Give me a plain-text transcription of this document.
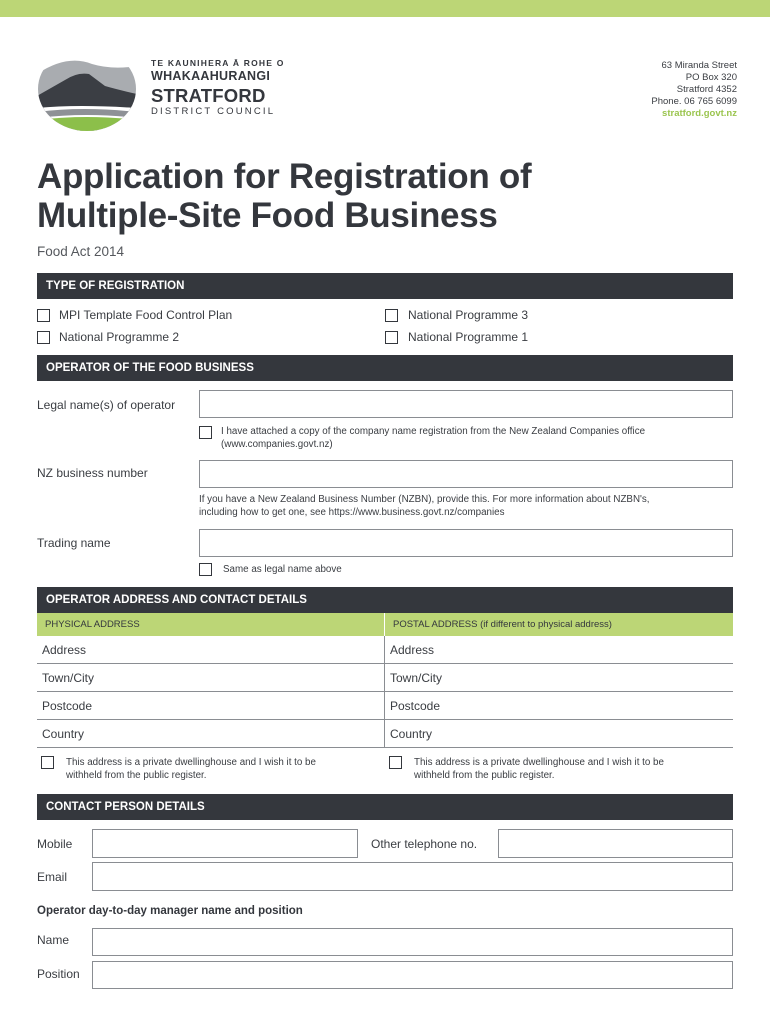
TE KAUNIHERA Ā ROHE O
WHAKAAHURANGI
STRATFORD
DISTRICT COUNCIL
63 Miranda Street
PO Box 320
Stratford 4352
Phone. 06 765 6099
stratford.govt.nz
Application for Registration of
Multiple-Site Food Business
Food Act 2014
TYPE OF REGISTRATION
MPI Template Food Control Plan	National Programme 3
National Programme 2	National Programme 1
OPERATOR OF THE FOOD BUSINESS
Legal name(s) of operator
I have attached a copy of the company name registration from the New Zealand Companies office
(www.companies.govt.nz)
NZ business number
If you have a New Zealand Business Number (NZBN), provide this. For more information about NZBN's,
including how to get one, see https://www.business.govt.nz/companies
Trading name
Same as legal name above
OPERATOR ADDRESS AND CONTACT DETAILS
PHYSICAL ADDRESS	POSTAL ADDRESS (if different to physical address)
Address	Address
Town/City	Town/City
Postcode	Postcode
Country	Country
This address is a private dwellinghouse and I wish it to be
withheld from the public register.
This address is a private dwellinghouse and I wish it to be
withheld from the public register.
CONTACT PERSON DETAILS
Mobile	Other telephone no.
Email
Operator day-to-day manager name and position
Name
Position
